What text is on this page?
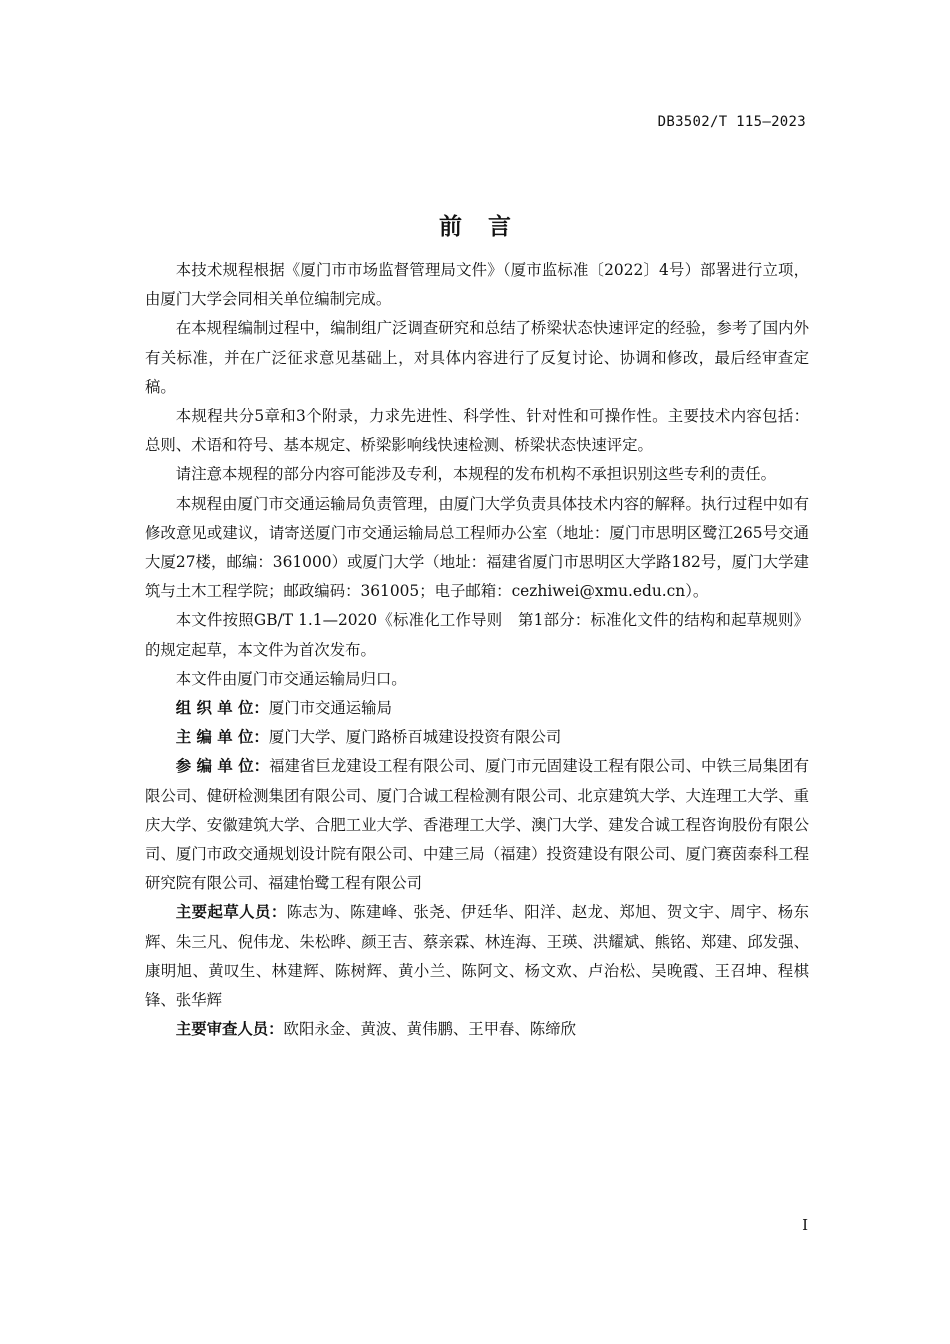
DB3502/T 115—2023
前言

本技术规程根据《厦门市市场监督管理局文件》（厦市监标准〔2022〕4号）部署进行立项，由厦门大学会同相关单位编制完成。

在本规程编制过程中，编制组广泛调查研究和总结了桥梁状态快速评定的经验，参考了国内外有关标准，并在广泛征求意见基础上，对具体内容进行了反复讨论、协调和修改，最后经审查定稿。

本规程共分5章和3个附录，力求先进性、科学性、针对性和可操作性。主要技术内容包括：总则、术语和符号、基本规定、桥梁影响线快速检测、桥梁状态快速评定。

请注意本规程的部分内容可能涉及专利，本规程的发布机构不承担识别这些专利的责任。

本规程由厦门市交通运输局负责管理，由厦门大学负责具体技术内容的解释。执行过程中如有修改意见或建议，请寄送厦门市交通运输局总工程师办公室（地址：厦门市思明区鹭江265号交通大厦27楼，邮编：361000）或厦门大学（地址：福建省厦门市思明区大学路182号，厦门大学建筑与土木工程学院；邮政编码：361005；电子邮箱：cezhiwei@xmu.edu.cn）。

本文件按照GB/T 1.1—2020《标准化工作导则　第1部分：标准化文件的结构和起草规则》的规定起草，本文件为首次发布。

本文件由厦门市交通运输局归口。

组 织 单 位：厦门市交通运输局

主 编 单 位：厦门大学、厦门路桥百城建设投资有限公司

参 编 单 位：福建省巨龙建设工程有限公司、厦门市元固建设工程有限公司、中铁三局集团有限公司、健研检测集团有限公司、厦门合诚工程检测有限公司、北京建筑大学、大连理工大学、重庆大学、安徽建筑大学、合肥工业大学、香港理工大学、澳门大学、建发合诚工程咨询股份有限公司、厦门市政交通规划设计院有限公司、中建三局（福建）投资建设有限公司、厦门赛茵泰科工程研究院有限公司、福建怡鹭工程有限公司

主要起草人员：陈志为、陈建峰、张尧、伊廷华、阳洋、赵龙、郑旭、贺文宇、周宇、杨东辉、朱三凡、倪伟龙、朱松晔、颜王吉、蔡亲霖、林连海、王瑛、洪耀斌、熊铭、郑建、邱发强、康明旭、黄叹生、林建辉、陈树辉、黄小兰、陈阿文、杨文欢、卢治松、吴晚霞、王召坤、程棋锋、张华辉

主要审查人员：欧阳永金、黄波、黄伟鹏、王甲春、陈缔欣

I
